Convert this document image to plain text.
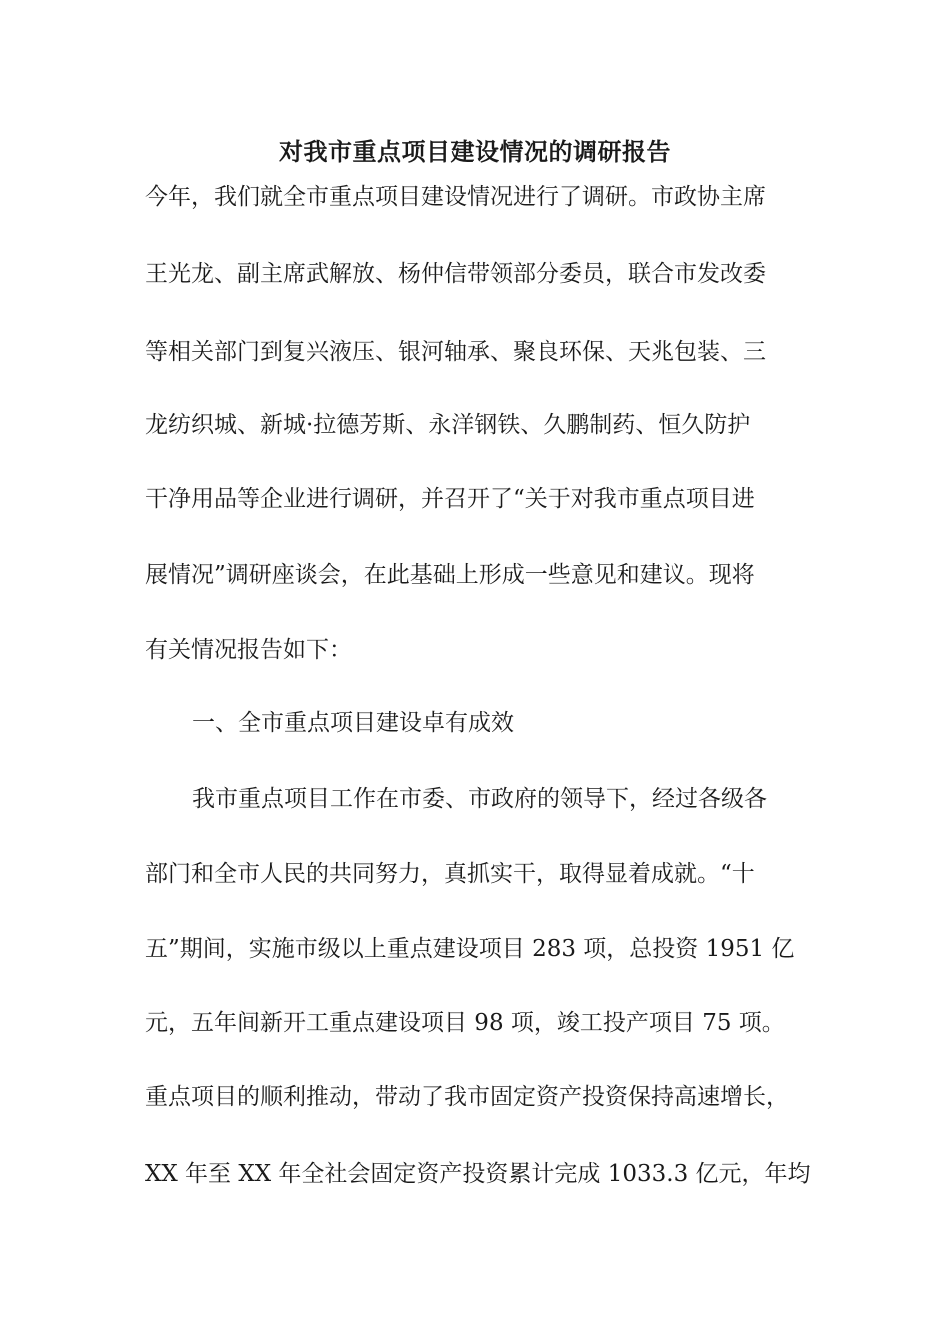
对我市重点项目建设情况的调研报告
今年，我们就全市重点项目建设情况进行了调研。市政协主席
王光龙、副主席武解放、杨仲信带领部分委员，联合市发改委
等相关部门到复兴液压、银河轴承、聚良环保、天兆包装、三
龙纺织城、新城·拉德芳斯、永洋钢铁、久鹏制药、恒久防护
干净用品等企业进行调研，并召开了“关于对我市重点项目进
展情况”调研座谈会，在此基础上形成一些意见和建议。现将
有关情况报告如下：
一、全市重点项目建设卓有成效
我市重点项目工作在市委、市政府的领导下，经过各级各
部门和全市人民的共同努力，真抓实干，取得显着成就。“十
五”期间，实施市级以上重点建设项目 283 项，总投资 1951 亿
元，五年间新开工重点建设项目 98 项，竣工投产项目 75 项。
重点项目的顺利推动，带动了我市固定资产投资保持高速增长，
XX 年至 XX 年全社会固定资产投资累计完成 1033.3 亿元，年均
